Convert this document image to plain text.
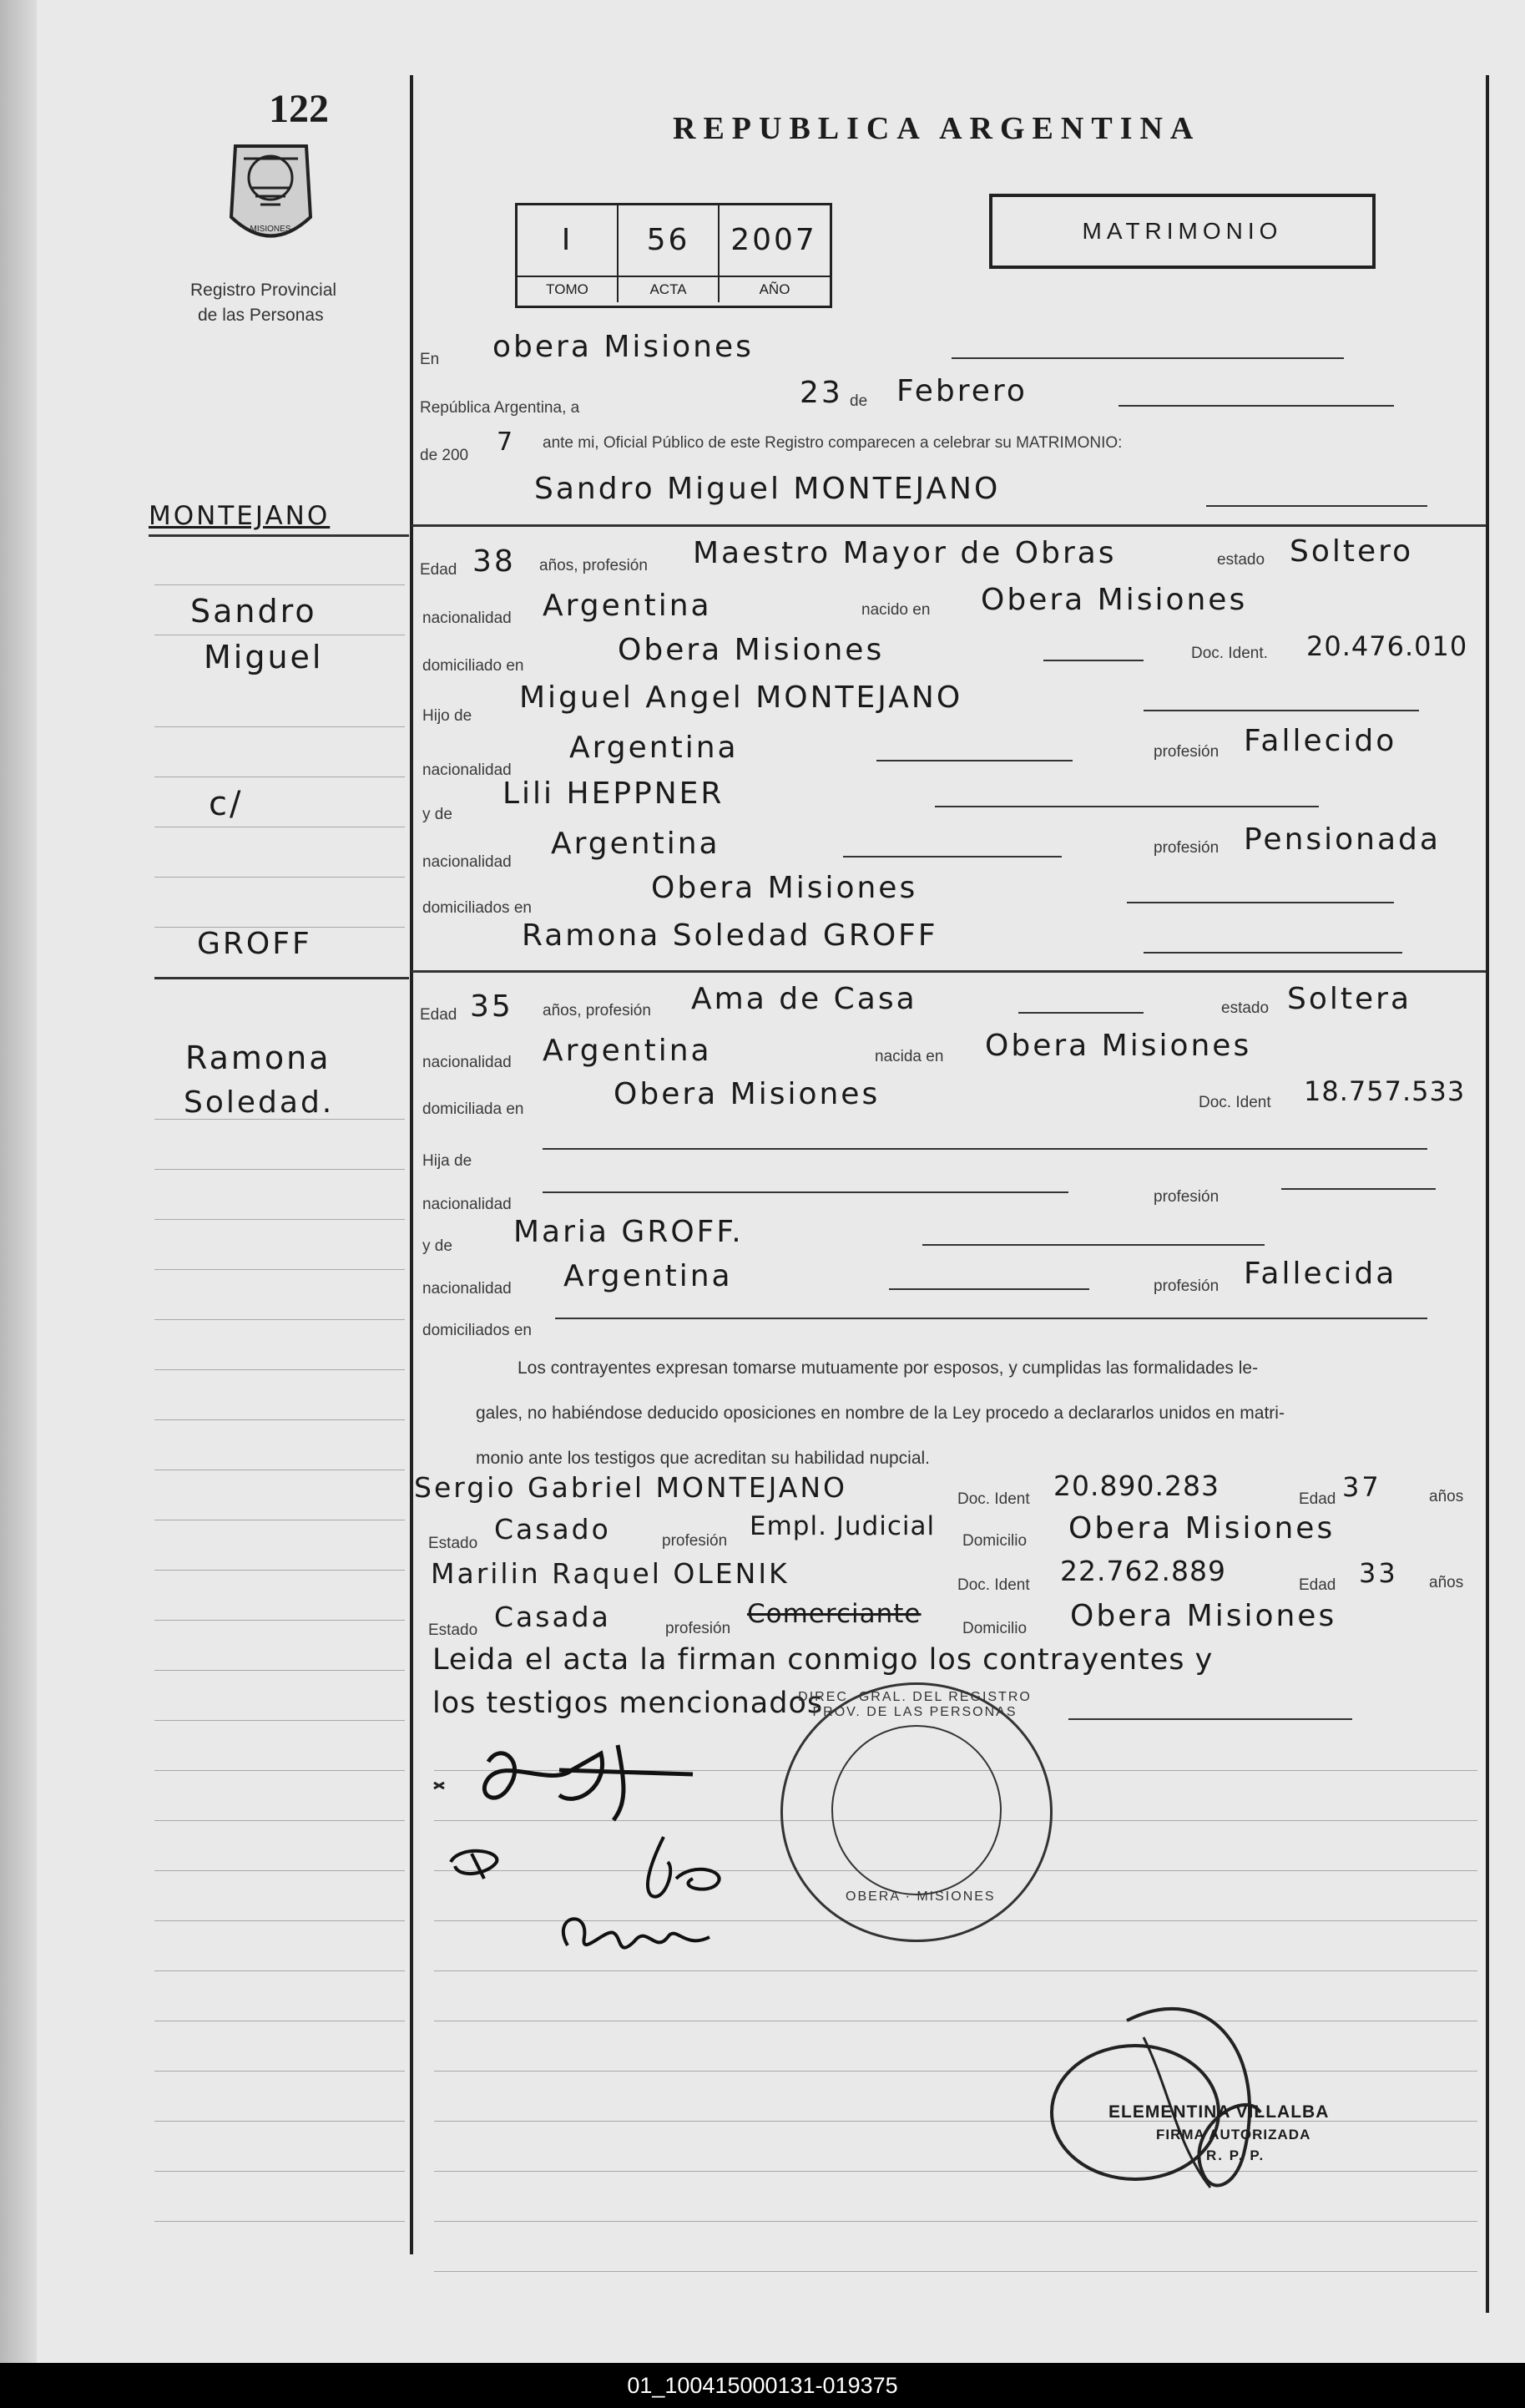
122
MISIONES
Registro Provincial
de las Personas
REPUBLICA ARGENTINA
I	56	2007
TOMO	ACTA	AÑO
MATRIMONIO
En obera Misiones
República Argentina, a	23 de Febrero
de 200 7 ante mi, Oficial Público de este Registro comparecen a celebrar su MATRIMONIO:
Sandro Miguel MONTEJANO
MONTEJANO
Sandro
Miguel
c/
GROFF
Ramona
Soledad.
Edad 38 años, profesión Maestro Mayor de Obras	estado Soltero
nacionalidad Argentina	nacido en Obera Misiones
domiciliado en	Obera Misiones	Doc. Ident. 20.476.010
Hijo de
Miguel Angel MONTEJANO
nacionalidad
Argentina	profesión Fallecido
y de
Lili HEPPNER
nacionalidad
Argentina	profesión Pensionada
domiciliados en
Obera Misiones
Ramona Soledad GROFF
Edad 35 años, profesión Ama de Casa	estado Soltera
nacionalidad Argentina	nacida en Obera Misiones
domiciliada en	Obera Misiones	Doc. Ident 18.757.533
Hija de
nacionalidad	profesión
y de Maria GROFF.
nacionalidad Argentina	profesión Fallecida
domiciliados en
Los contrayentes expresan tomarse mutuamente por esposos, y cumplidas las formalidades le-
gales, no habiéndose deducido oposiciones en nombre de la Ley procedo a declararlos unidos en matri-
monio ante los testigos que acreditan su habilidad nupcial.
Sergio Gabriel MONTEJANO	Doc. Ident 20.890.283	Edad 37	años
Estado Casado	profesión Empl. Judicial Domicilio Obera Misiones
Marilin Raquel OLENIK	Doc. Ident 22.762.889	Edad 33 años
Estado Casada	profesión Comerciante	Domicilio Obera Misiones
Leida el acta la firman conmigo los contrayentes y
los testigos mencionados
DIREC. GRAL. DEL REGISTRO PROV. DE LAS PERSONAS
OBERA · MISIONES
ELEMENTINA VILLALBA
FIRMA AUTORIZADA
R. P. P.
01_100415000131-019375
